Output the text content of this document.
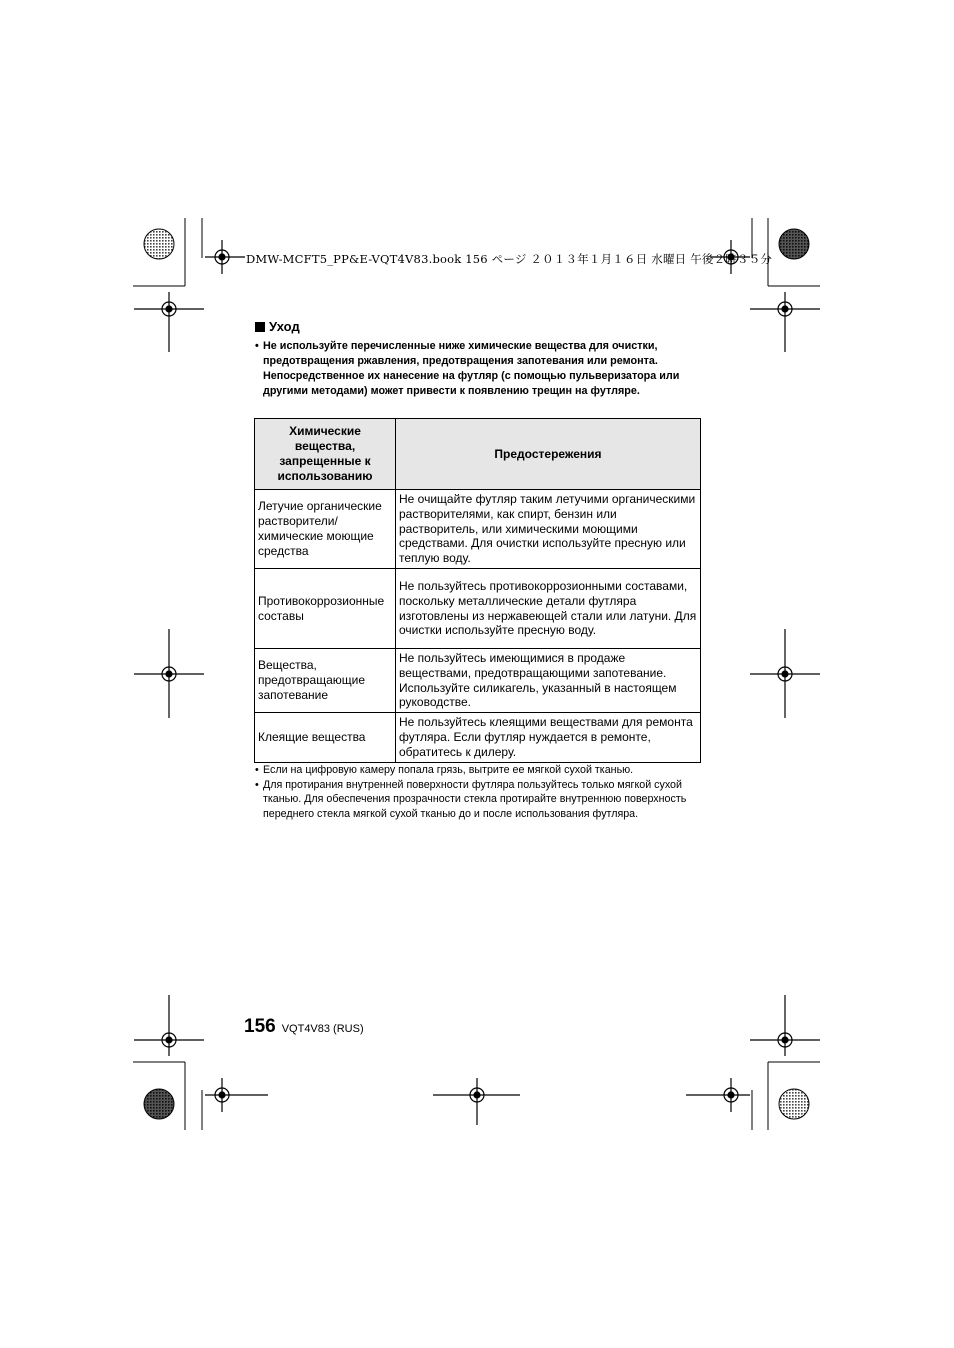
DMW-MCFT5_PP&E-VQT4V83.book 156 ページ ２０１３年１月１６日 水曜日 午後２時３５分
Уход
• Не используйте перечисленные ниже химические вещества для очистки, предотвращения ржавления, предотвращения запотевания или ремонта. Непосредственное их нанесение на футляр (с помощью пульверизатора или другими методами) может привести к появлению трещин на футляре.
Химические вещества, запрещенные к использованию	Предостережения
Летучие органические растворители/ химические моющие средства	Не очищайте футляр таким летучими органическими растворителями, как спирт, бензин или растворитель, или химическими моющими средствами. Для очистки используйте пресную или теплую воду.
Противокоррозионные составы	Не пользуйтесь противокоррозионными составами, поскольку металлические детали футляра изготовлены из нержавеющей стали или латуни. Для очистки используйте пресную воду.
Вещества, предотвращающие запотевание	Не пользуйтесь имеющимися в продаже веществами, предотвращающими запотевание. Используйте силикагель, указанный в настоящем руководстве.
Клеящие вещества	Не пользуйтесь клеящими веществами для ремонта футляра. Если футляр нуждается в ремонте, обратитесь к дилеру.
• Если на цифровую камеру попала грязь, вытрите ее мягкой сухой тканью.
• Для протирания внутренней поверхности футляра пользуйтесь только мягкой сухой тканью. Для обеспечения прозрачности стекла протирайте внутреннюю поверхность переднего стекла мягкой сухой тканью до и после использования футляра.
156 VQT4V83 (RUS)
